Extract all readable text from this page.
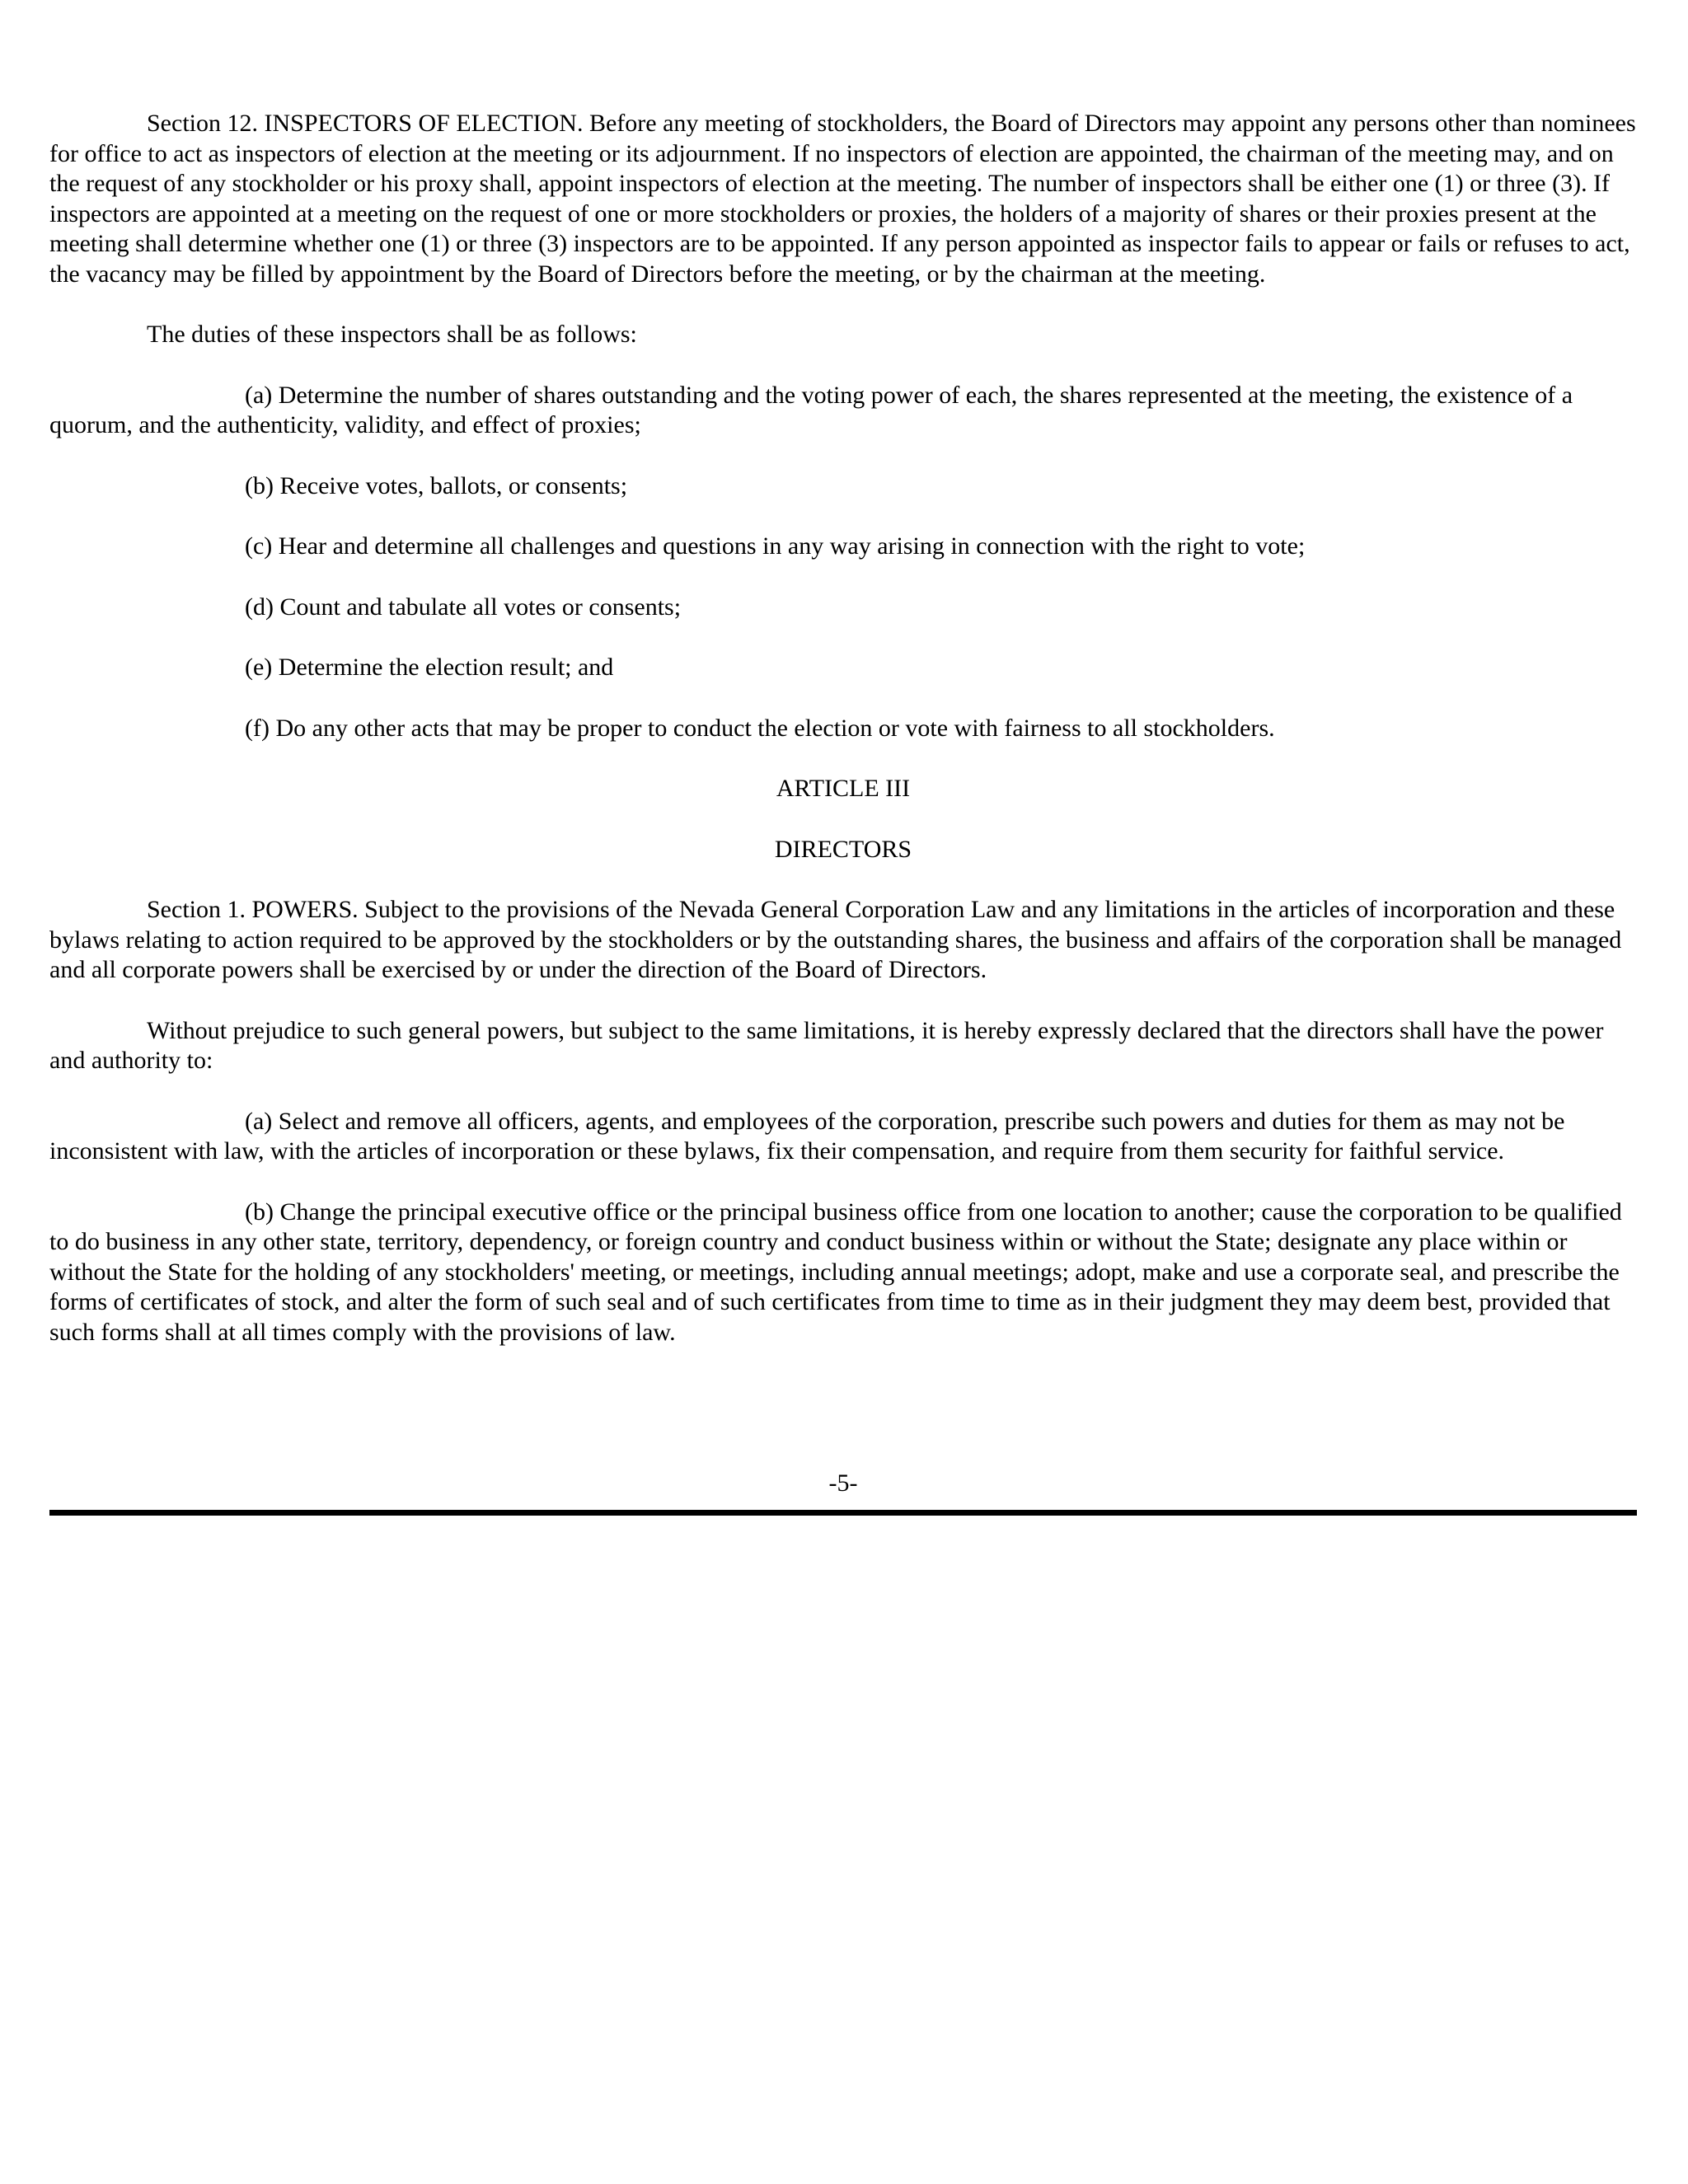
Section 12. INSPECTORS OF ELECTION. Before any meeting of stockholders, the Board of Directors may appoint any persons other than nominees for office to act as inspectors of election at the meeting or its adjournment. If no inspectors of election are appointed, the chairman of the meeting may, and on the request of any stockholder or his proxy shall, appoint inspectors of election at the meeting. The number of inspectors shall be either one (1) or three (3). If inspectors are appointed at a meeting on the request of one or more stockholders or proxies, the holders of a majority of shares or their proxies present at the meeting shall determine whether one (1) or three (3) inspectors are to be appointed. If any person appointed as inspector fails to appear or fails or refuses to act, the vacancy may be filled by appointment by the Board of Directors before the meeting, or by the chairman at the meeting.

The duties of these inspectors shall be as follows:

(a) Determine the number of shares outstanding and the voting power of each, the shares represented at the meeting, the existence of a quorum, and the authenticity, validity, and effect of proxies;

(b) Receive votes, ballots, or consents;

(c) Hear and determine all challenges and questions in any way arising in connection with the right to vote;

(d) Count and tabulate all votes or consents;

(e) Determine the election result; and

(f) Do any other acts that may be proper to conduct the election or vote with fairness to all stockholders.

ARTICLE III

DIRECTORS

Section 1. POWERS. Subject to the provisions of the Nevada General Corporation Law and any limitations in the articles of incorporation and these bylaws relating to action required to be approved by the stockholders or by the outstanding shares, the business and affairs of the corporation shall be managed and all corporate powers shall be exercised by or under the direction of the Board of Directors.

Without prejudice to such general powers, but subject to the same limitations, it is hereby expressly declared that the directors shall have the power and authority to:

(a) Select and remove all officers, agents, and employees of the corporation, prescribe such powers and duties for them as may not be inconsistent with law, with the articles of incorporation or these bylaws, fix their compensation, and require from them security for faithful service.

(b) Change the principal executive office or the principal business office from one location to another; cause the corporation to be qualified to do business in any other state, territory, dependency, or foreign country and conduct business within or without the State; designate any place within or without the State for the holding of any stockholders' meeting, or meetings, including annual meetings; adopt, make and use a corporate seal, and prescribe the forms of certificates of stock, and alter the form of such seal and of such certificates from time to time as in their judgment they may deem best, provided that such forms shall at all times comply with the provisions of law.

-5-
